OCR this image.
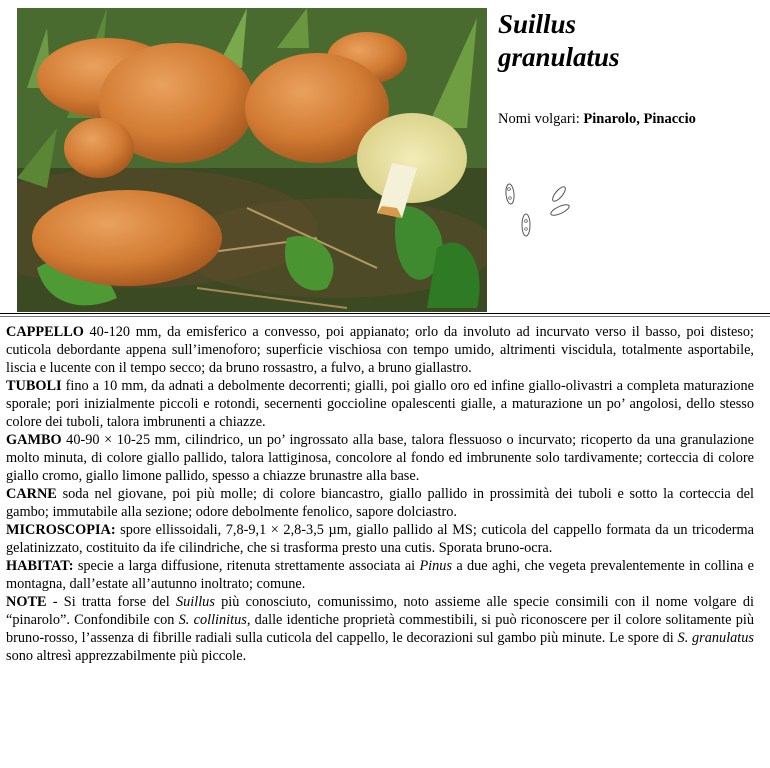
Suillus
granulatus
Nomi volgari: Pinarolo, Pinaccio

CAPPELLO 40-120 mm, da emisferico a convesso, poi appianato; orlo da involuto ad incurvato verso il basso, poi disteso; cuticola debordante appena sull’imenoforo; superficie vischiosa con tempo umido, altrimenti viscidula, totalmente asportabile, liscia e lucente con il tempo secco; da bruno rossastro, a fulvo, a bruno giallastro.

TUBOLI fino a 10 mm, da adnati a debolmente decorrenti; gialli, poi giallo oro ed infine giallo-olivastri a completa maturazione sporale; pori inizialmente piccoli e rotondi, secernenti goccioline opalescenti gialle, a maturazione un po’ angolosi, dello stesso colore dei tuboli, talora imbrunenti a chiazze.

GAMBO 40-90 × 10-25 mm, cilindrico, un po’ ingrossato alla base, talora flessuoso o incurvato; ricoperto da una granulazione molto minuta, di colore giallo pallido, talora lattiginosa, concolore al fondo ed imbrunente solo tardivamente; corteccia di colore giallo cromo, giallo limone pallido, spesso a chiazze brunastre alla base.

CARNE soda nel giovane, poi più molle; di colore biancastro, giallo pallido in prossimità dei tuboli e sotto la corteccia del gambo; immutabile alla sezione; odore debolmente fenolico, sapore dolciastro.

MICROSCOPIA: spore ellissoidali, 7,8-9,1 × 2,8-3,5 µm, giallo pallido al MS; cuticola del cappello formata da un tricoderma gelatinizzato, costituito da ife cilindriche, che si trasforma presto una cutis. Sporata bruno-ocra.

HABITAT: specie a larga diffusione, ritenuta strettamente associata ai Pinus a due aghi, che vegeta prevalentemente in collina e montagna, dall’estate all’autunno inoltrato; comune.

NOTE - Si tratta forse del Suillus più conosciuto, comunissimo, noto assieme alle specie consimili con il nome volgare di “pinarolo”. Confondibile con S. collinitus, dalle identiche proprietà commestibili, si può riconoscere per il colore solitamente più bruno-rosso, l’assenza di fibrille radiali sulla cuticola del cappello, le decorazioni sul gambo più minute. Le spore di S. granulatus sono altresì apprezzabilmente più piccole.
